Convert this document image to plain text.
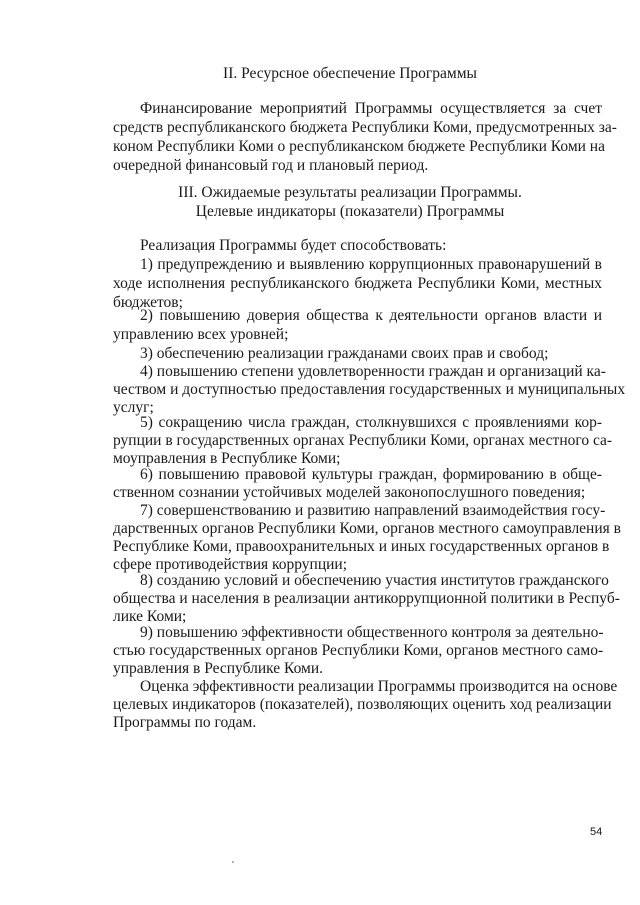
II. Ресурсное обеспечение Программы
Финансирование мероприятий Программы осуществляется за счет
средств республиканского бюджета Республики Коми, предусмотренных за-
коном Республики Коми о республиканском бюджете Республики Коми на
очередной финансовый год и плановый период.
III. Ожидаемые результаты реализации Программы.
Целевые индикаторы (показатели) Программы
Реализация Программы будет способствовать:
1) предупреждению и выявлению коррупционных правонарушений в
ходе исполнения республиканского бюджета Республики Коми, местных
бюджетов;
2) повышению доверия общества к деятельности органов власти и
управлению всех уровней;
3) обеспечению реализации гражданами своих прав и свобод;
4) повышению степени удовлетворенности граждан и организаций ка-
чеством и доступностью предоставления государственных и муниципальных
услуг;
5) сокращению числа граждан, столкнувшихся с проявлениями кор-
рупции в государственных органах Республики Коми, органах местного са-
моуправления в Республике Коми;
6) повышению правовой культуры граждан, формированию в обще-
ственном сознании устойчивых моделей законопослушного поведения;
7) совершенствованию и развитию направлений взаимодействия госу-
дарственных органов Республики Коми, органов местного самоуправления в
Республике Коми, правоохранительных и иных государственных органов в
сфере противодействия коррупции;
8) созданию условий и обеспечению участия институтов гражданского
общества и населения в реализации антикоррупционной политики в Респуб-
лике Коми;
9) повышению эффективности общественного контроля за деятельно-
стью государственных органов Республики Коми, органов местного само-
управления в Республике Коми.
Оценка эффективности реализации Программы производится на основе
целевых индикаторов (показателей), позволяющих оценить ход реализации
Программы по годам.
54
